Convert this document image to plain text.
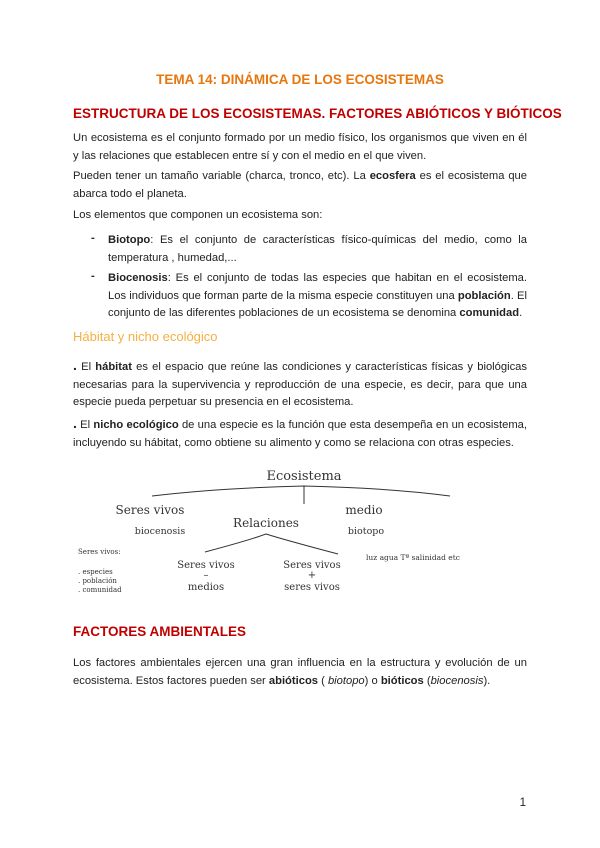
TEMA 14: DINÁMICA DE LOS ECOSISTEMAS
ESTRUCTURA DE LOS ECOSISTEMAS. FACTORES ABIÓTICOS Y BIÓTICOS
Un ecosistema es el conjunto formado por un medio físico, los organismos que viven en él y las relaciones que establecen entre sí y con el medio en el que viven.
Pueden tener un tamaño variable (charca, tronco, etc). La ecosfera es el ecosistema que abarca todo el planeta.
Los elementos que componen un ecosistema son:
- Biotopo: Es el conjunto de características físico-químicas del medio, como la temperatura , humedad,...
- Biocenosis: Es el conjunto de todas las especies que habitan en el ecosistema. Los individuos que forman parte de la misma especie constituyen una población. El conjunto de las diferentes poblaciones de un ecosistema se denomina comunidad.
Hábitat y nicho ecológico
. El hábitat es el espacio que reúne las condiciones y características físicas y biológicas necesarias para la supervivencia y reproducción de una especie, es decir, para que una especie pueda perpetuar su presencia en el ecosistema.
. El nicho ecológico de una especie es la función que esta desempeña en un ecosistema, incluyendo su hábitat, como obtiene su alimento y como se relaciona con otras especies.
Ecosistema
Seres vivos
biocenosis
medio
biotopo
Relaciones
Seres vivos
–
medios
Seres vivos
+
seres vivos
Seres vivos:
. especies
. población
. comunidad
luz agua Tª salinidad etc
FACTORES AMBIENTALES
Los factores ambientales ejercen una gran influencia en la estructura y evolución de un ecosistema. Estos factores pueden ser abióticos ( biotopo) o bióticos (biocenosis).
1
